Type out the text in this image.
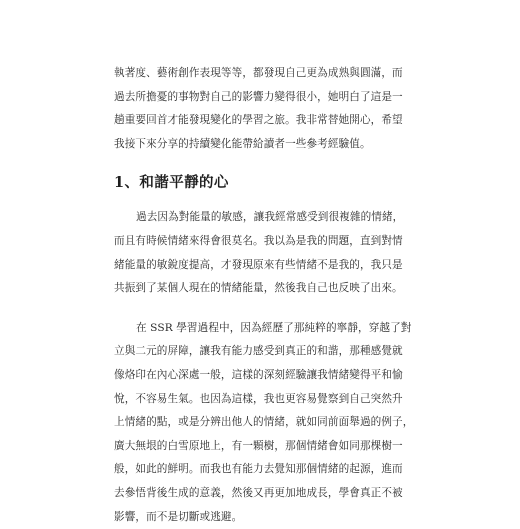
執著度、藝術創作表現等等，都發現自己更為成熟與圓滿，而
過去所擔憂的事物對自己的影響力變得很小，她明白了這是一
趟重要回首才能發現變化的學習之旅。我非常替她開心，希望
我接下來分享的持續變化能帶給讀者一些參考經驗值。

1、和諧平靜的心

過去因為對能量的敏感，讓我經常感受到很複雜的情緒，
而且有時候情緒來得會很莫名。我以為是我的問題，直到對情
緒能量的敏銳度提高，才發現原來有些情緒不是我的，我只是
共振到了某個人現在的情緒能量，然後我自己也反映了出來。

在 SSR 學習過程中，因為經歷了那純粹的寧靜，穿越了對
立與二元的屏障，讓我有能力感受到真正的和諧，那種感覺就
像烙印在內心深處一般，這樣的深刻經驗讓我情緒變得平和愉
悅，不容易生氣。也因為這樣，我也更容易覺察到自己突然升
上情緒的點，或是分辨出他人的情緒，就如同前面舉過的例子，
廣大無垠的白雪原地上，有一顆樹，那個情緒會如同那棵樹一
般，如此的鮮明。而我也有能力去覺知那個情緒的起源，進而
去參悟背後生成的意義，然後又再更加地成長，學會真正不被
影響，而不是切斷或逃避。
